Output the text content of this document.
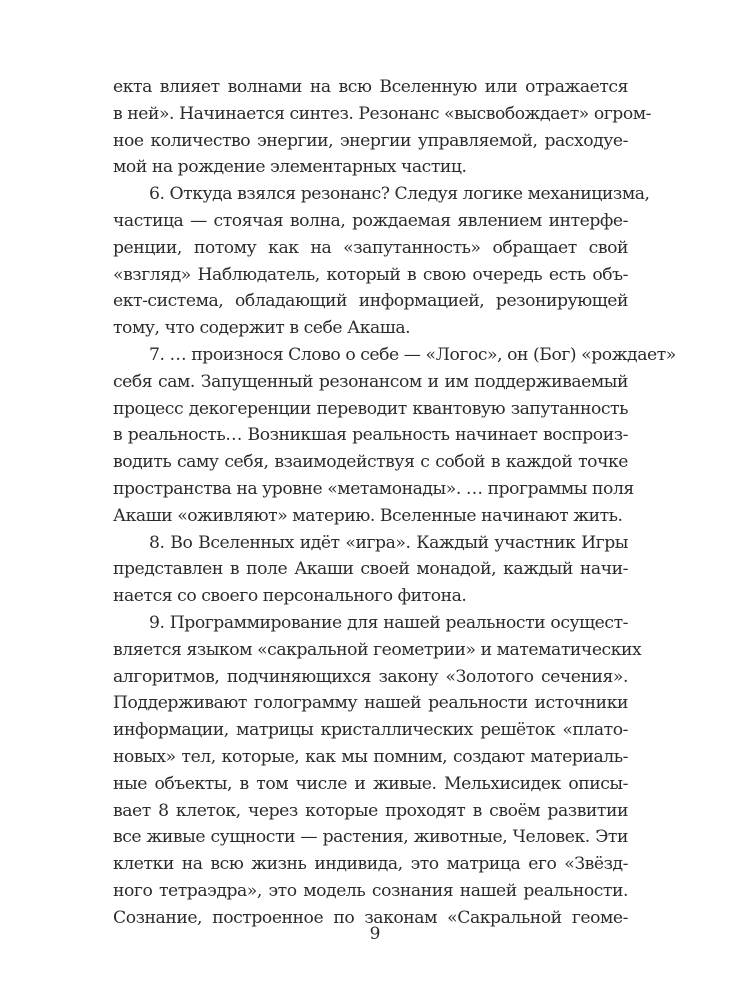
екта влияет волнами на всю Вселенную или отражается
в ней». Начинается синтез. Резонанс «высвобождает» огром-
ное количество энергии, энергии управляемой, расходуе-
мой на рождение элементарных частиц.
6. Откуда взялся резонанс? Следуя логике механицизма,
частица — стоячая волна, рождаемая явлением интерфе-
ренции, потому как на «запутанность» обращает свой
«взгляд» Наблюдатель, который в свою очередь есть объ-
ект-система, обладающий информацией, резонирующей
тому, что содержит в себе Акаша.
7. … произнося Слово о себе — «Логос», он (Бог) «рождает»
себя сам. Запущенный резонансом и им поддерживаемый
процесс декогеренции переводит квантовую запутанность
в реальность… Возникшая реальность начинает воспроиз-
водить саму себя, взаимодействуя с собой в каждой точке
пространства на уровне «метамонады». … программы поля
Акаши «оживляют» материю. Вселенные начинают жить.
8. Во Вселенных идёт «игра». Каждый участник Игры
представлен в поле Акаши своей монадой, каждый начи-
нается со своего персонального фитона.
9. Программирование для нашей реальности осущест-
вляется языком «сакральной геометрии» и математических
алгоритмов, подчиняющихся закону «Золотого сечения».
Поддерживают голограмму нашей реальности источники
информации, матрицы кристаллических решёток «плато-
новых» тел, которые, как мы помним, создают материаль-
ные объекты, в том числе и живые. Мельхисидек описы-
вает 8 клеток, через которые проходят в своём развитии
все живые сущности — растения, животные, Человек. Эти
клетки на всю жизнь индивида, это матрица его «Звёзд-
ного тетраэдра», это модель сознания нашей реальности.
Сознание, построенное по законам «Сакральной геоме-
9
